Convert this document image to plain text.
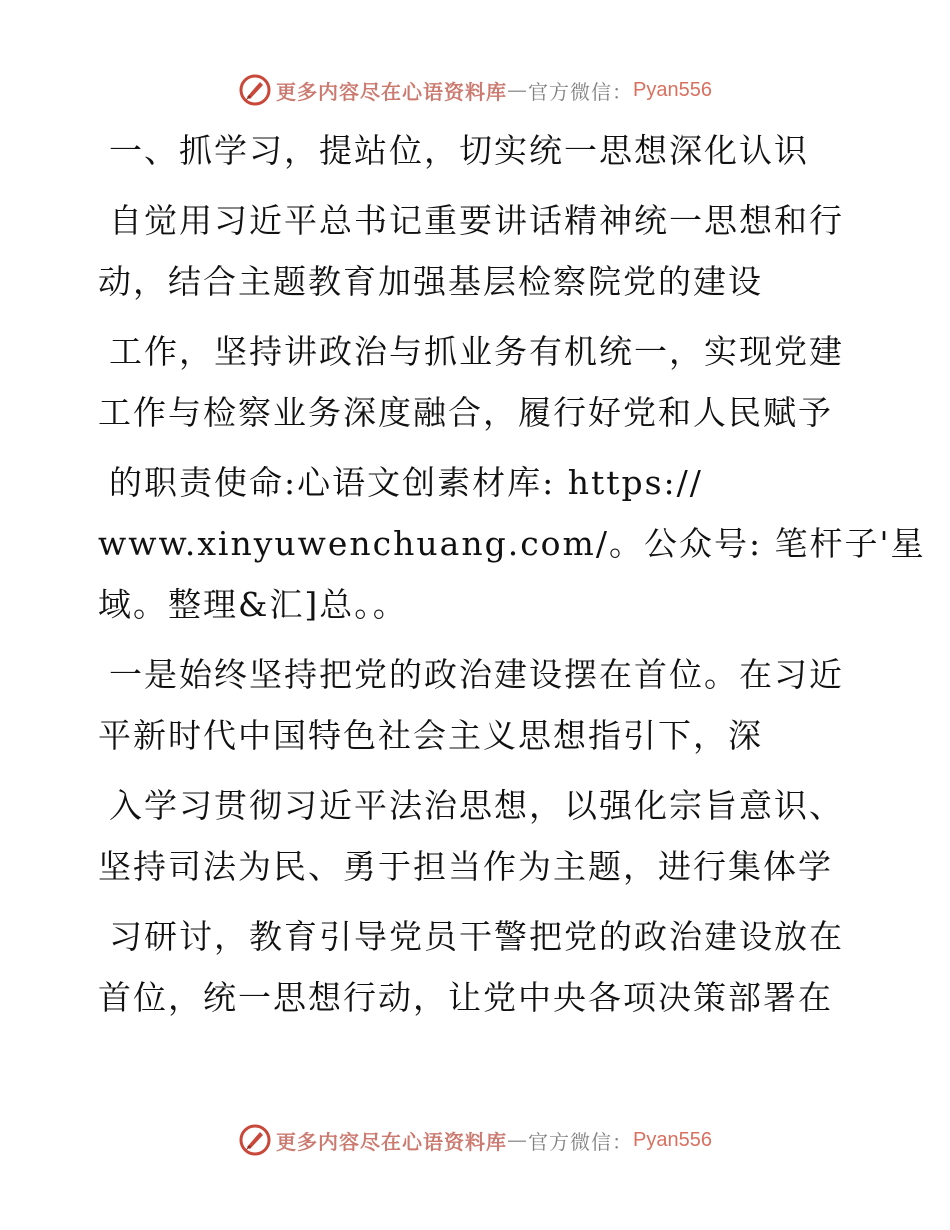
更多内容尽在心语资料库 — 官方微信： Pyan556
一、抓学习，提站位，切实统一思想深化认识
自觉用习近平总书记重要讲话精神统一思想和行
动，结合主题教育加强基层检察院党的建设
工作，坚持讲政治与抓业务有机统一，实现党建
工作与检察业务深度融合，履行好党和人民赋予
的职责使命:心语文创素材库: https://
www.xinyuwenchuang.com/。公众号: 笔杆子'星
域。整理&汇]总。。
一是始终坚持把党的政治建设摆在首位。在习近
平新时代中国特色社会主义思想指引下，深
入学习贯彻习近平法治思想，以强化宗旨意识、
坚持司法为民、勇于担当作为主题，进行集体学
习研讨，教育引导党员干警把党的政治建设放在
首位，统一思想行动，让党中央各项决策部署在
更多内容尽在心语资料库 — 官方微信： Pyan556
